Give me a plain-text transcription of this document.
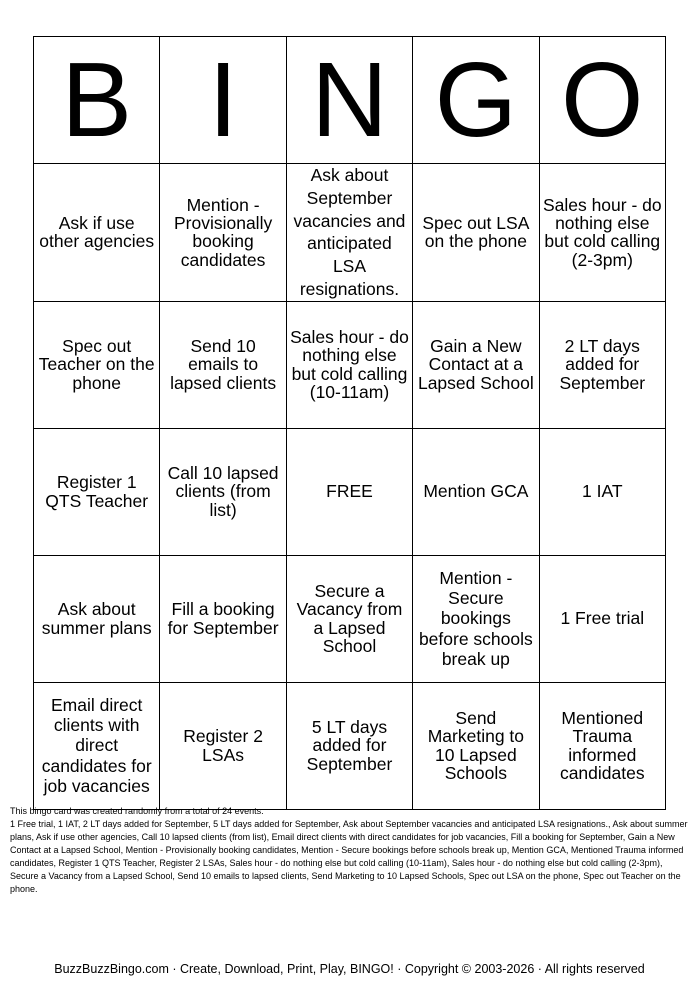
B	I	N	G	O
Ask if use other agencies	Mention - Provisionally booking candidates	Ask about September vacancies and anticipated LSA resignations.	Spec out LSA on the phone	Sales hour - do nothing else but cold calling (2-3pm)
Spec out Teacher on the phone	Send 10 emails to lapsed clients	Sales hour - do nothing else but cold calling (10-11am)	Gain a New Contact at a Lapsed School	2 LT days added for September
Register 1 QTS Teacher	Call 10 lapsed clients (from list)	FREE	Mention GCA	1 IAT
Ask about summer plans	Fill a booking for September	Secure a Vacancy from a Lapsed School	Mention - Secure bookings before schools break up	1 Free trial
Email direct clients with direct candidates for job vacancies	Register 2 LSAs	5 LT days added for September	Send Marketing to 10 Lapsed Schools	Mentioned Trauma informed candidates

This bingo card was created randomly from a total of 24 events.

1 Free trial, 1 IAT, 2 LT days added for September, 5 LT days added for September, Ask about September vacancies and anticipated LSA resignations., Ask about summer plans, Ask if use other agencies, Call 10 lapsed clients (from list), Email direct clients with direct candidates for job vacancies, Fill a booking for September, Gain a New Contact at a Lapsed School, Mention - Provisionally booking candidates, Mention - Secure bookings before schools break up, Mention GCA, Mentioned Trauma informed candidates, Register 1 QTS Teacher, Register 2 LSAs, Sales hour - do nothing else but cold calling (10-11am), Sales hour - do nothing else but cold calling (2-3pm), Secure a Vacancy from a Lapsed School, Send 10 emails to lapsed clients, Send Marketing to 10 Lapsed Schools, Spec out LSA on the phone, Spec out Teacher on the phone.

BuzzBuzzBingo.com · Create, Download, Print, Play, BINGO! · Copyright © 2003-2026 · All rights reserved
